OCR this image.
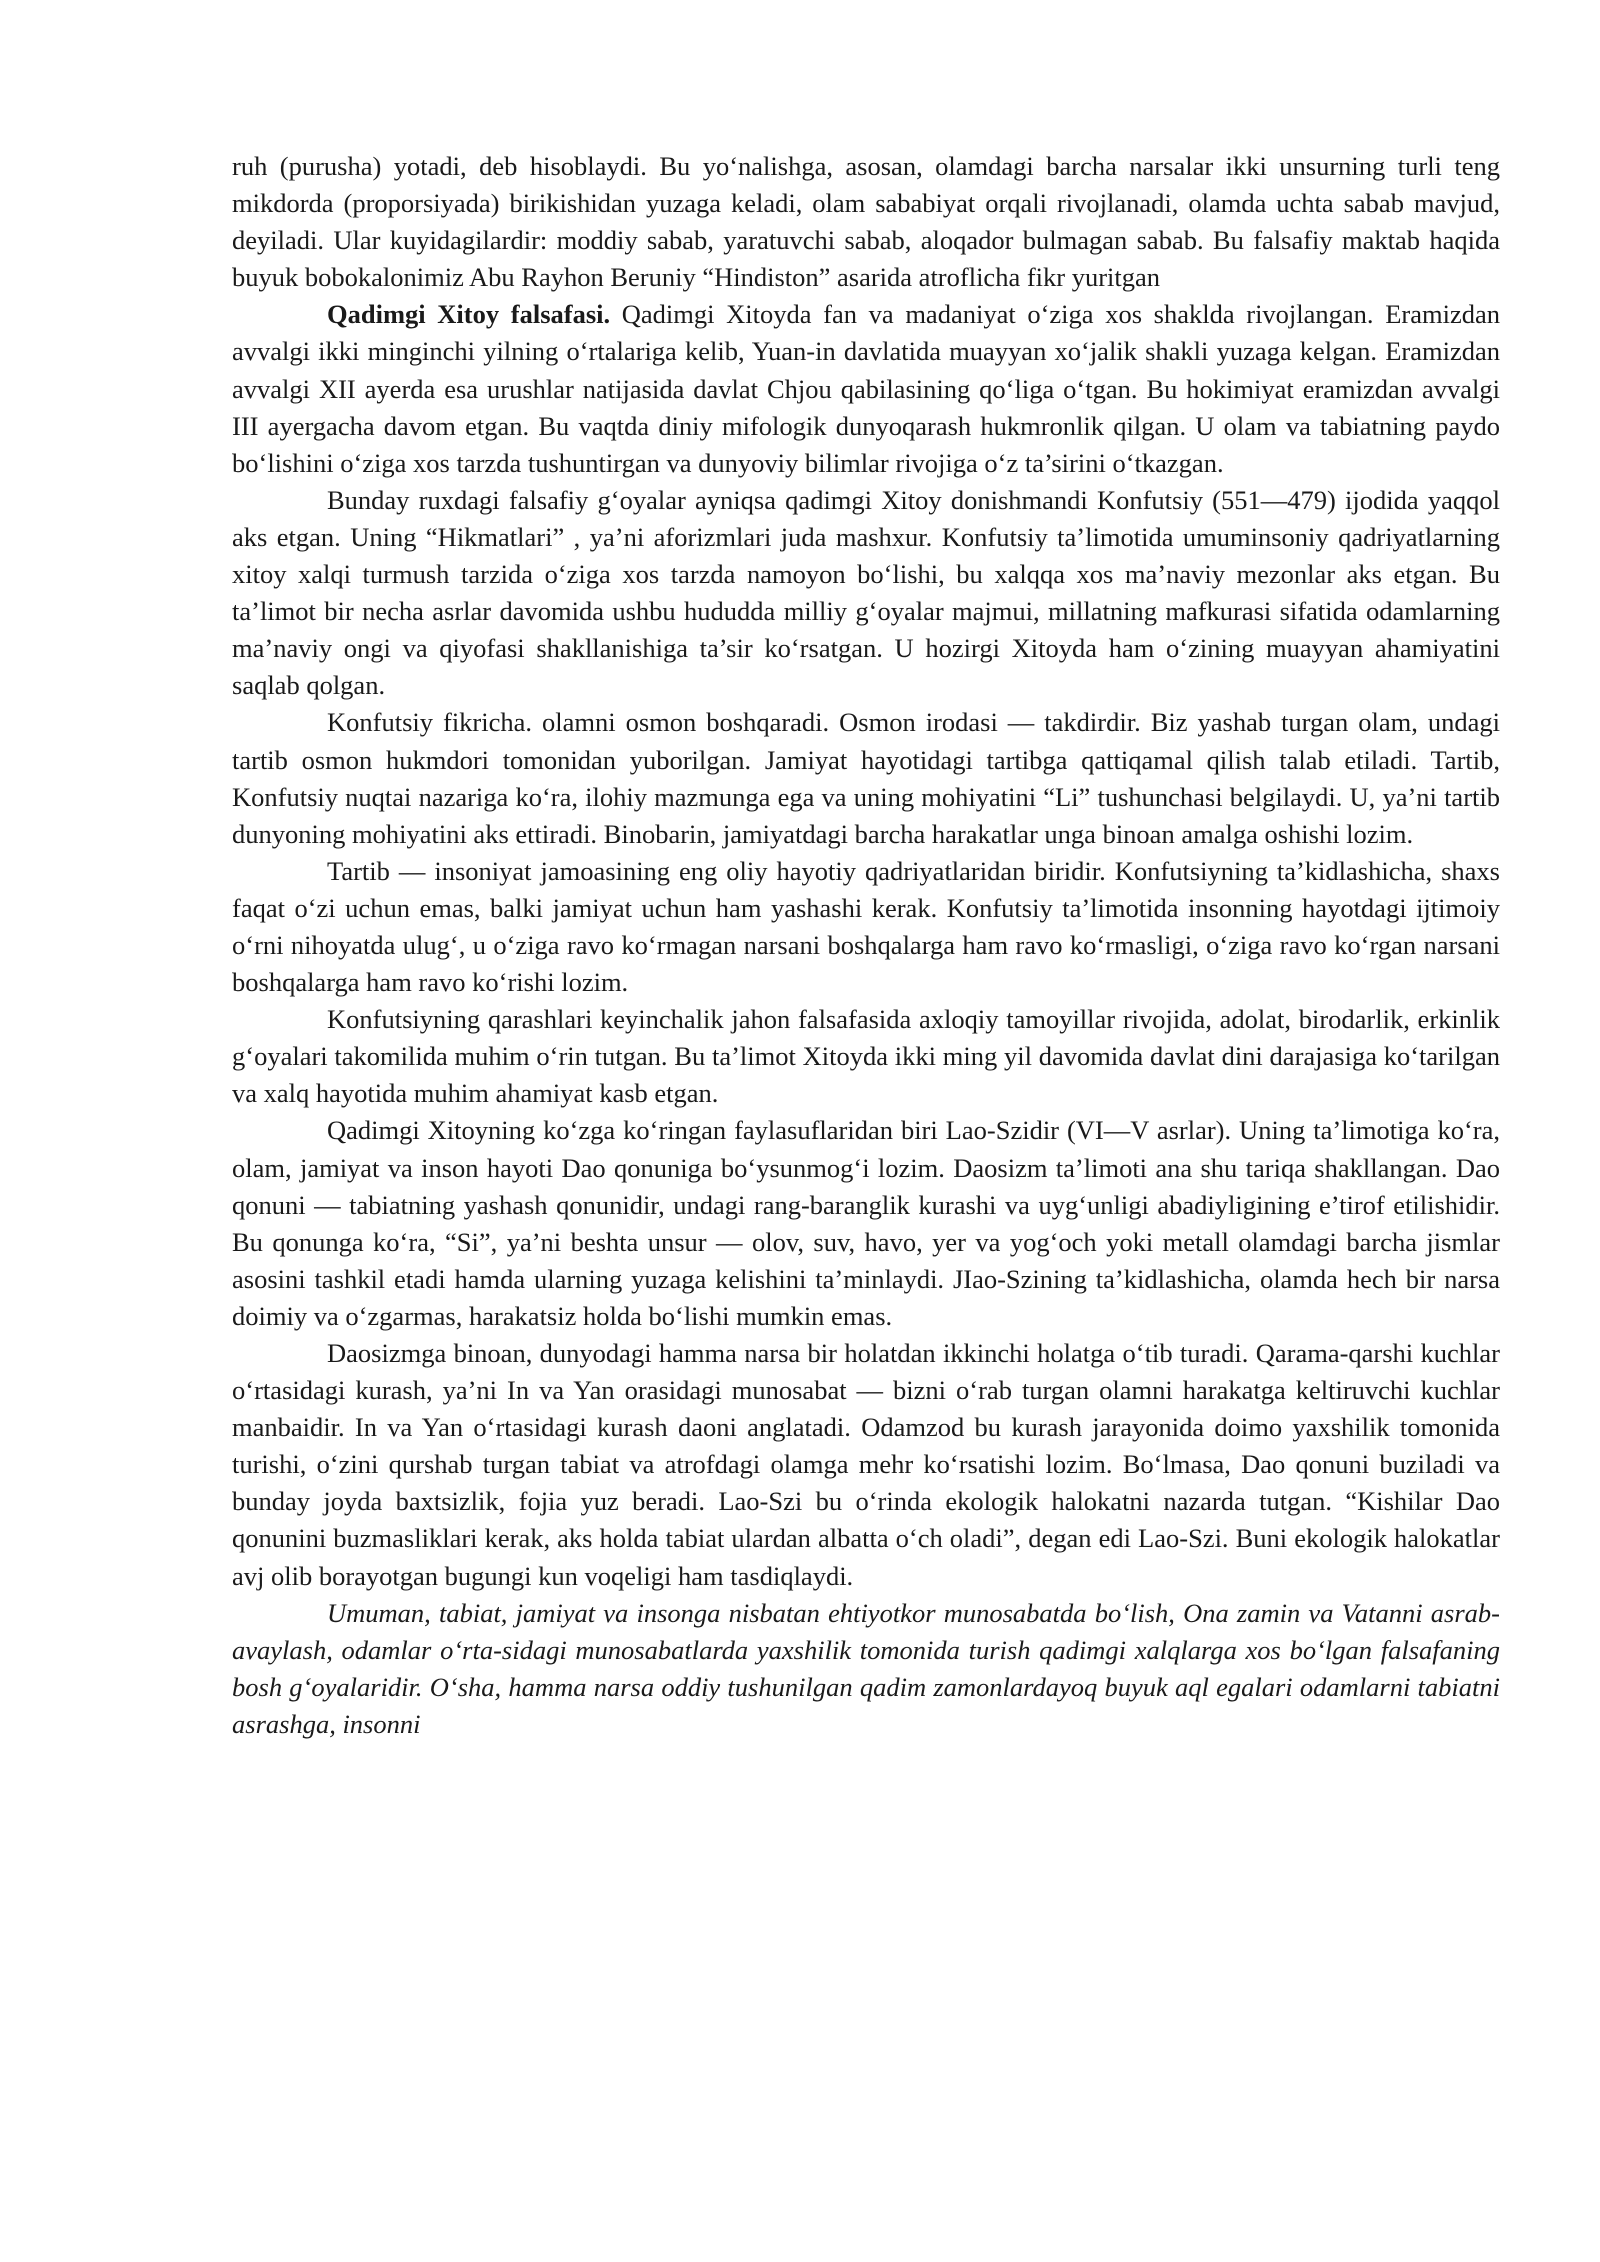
ruh (purusha) yotadi, deb hisoblaydi. Bu yo‘nalishga, asosan, olamdagi barcha narsalar ikki unsurning turli teng mikdorda (proporsiyada) birikishidan yuzaga keladi, olam sababiyat orqali rivojlanadi, olamda uchta sabab mavjud, deyiladi. Ular kuyidagilardir: moddiy sabab, yaratuvchi sabab, aloqador bulmagan sabab. Bu falsafiy maktab haqida buyuk bobokalonimiz Abu Rayhon Beruniy “Hindiston” asarida atroflicha fikr yuritgan

Qadimgi Xitoy falsafasi. Qadimgi Xitoyda fan va madaniyat o‘ziga xos shaklda rivojlangan. Eramizdan avvalgi ikki minginchi yilning o‘rtalariga kelib, Yuan-in davlatida muayyan xo‘jalik shakli yuzaga kelgan. Eramizdan avvalgi XII ayerda esa urushlar natijasida davlat Chjou qabilasining qo‘liga o‘tgan. Bu hokimiyat eramizdan avvalgi III ayergacha davom etgan. Bu vaqtda diniy mifologik dunyoqarash hukmronlik qilgan. U olam va tabiatning paydo bo‘lishini o‘ziga xos tarzda tushuntirgan va dunyoviy bilimlar rivojiga o‘z ta’sirini o‘tkazgan.

Bunday ruxdagi falsafiy g‘oyalar ayniqsa qadimgi Xitoy donishmandi Konfutsiy (551—479) ijodida yaqqol aks etgan. Uning “Hikmatlari” , ya’ni aforizmlari juda mashxur. Konfutsiy ta’limotida umuminsoniy qadriyatlarning xitoy xalqi turmush tarzida o‘ziga xos tarzda namoyon bo‘lishi, bu xalqqa xos ma’naviy mezonlar aks etgan. Bu ta’limot bir necha asrlar davomida ushbu hududda milliy g‘oyalar majmui, millatning mafkurasi sifatida odamlarning ma’naviy ongi va qiyofasi shakllanishiga ta’sir ko‘rsatgan. U hozirgi Xitoyda ham o‘zining muayyan ahamiyatini saqlab qolgan.

Konfutsiy fikricha. olamni osmon boshqaradi. Osmon irodasi — takdirdir. Biz yashab turgan olam, undagi tartib osmon hukmdori tomonidan yuborilgan. Jamiyat hayotidagi tartibga qattiqamal qilish talab etiladi. Tartib, Konfutsiy nuqtai nazariga ko‘ra, ilohiy mazmunga ega va uning mohiyatini “Li” tushunchasi belgilaydi. U, ya’ni tartib dunyoning mohiyatini aks ettiradi. Binobarin, jamiyatdagi barcha harakatlar unga binoan amalga oshishi lozim.

Tartib — insoniyat jamoasining eng oliy hayotiy qadriyatlaridan biridir. Konfutsiyning ta’kidlashicha, shaxs faqat o‘zi uchun emas, balki jamiyat uchun ham yashashi kerak. Konfutsiy ta’limotida insonning hayotdagi ijtimoiy o‘rni nihoyatda ulug‘, u o‘ziga ravo ko‘rmagan narsani boshqalarga ham ravo ko‘rmasligi, o‘ziga ravo ko‘rgan narsani boshqalarga ham ravo ko‘rishi lozim.

Konfutsiyning qarashlari keyinchalik jahon falsafasida axloqiy tamoyillar rivojida, adolat, birodarlik, erkinlik g‘oyalari takomilida muhim o‘rin tutgan. Bu ta’limot Xitoyda ikki ming yil davomida davlat dini darajasiga ko‘tarilgan va xalq hayotida muhim ahamiyat kasb etgan.

Qadimgi Xitoyning ko‘zga ko‘ringan faylasuflaridan biri Lao-Szidir (VI—V asrlar). Uning ta’limotiga ko‘ra, olam, jamiyat va inson hayoti Dao qonuniga bo‘ysunmog‘i lozim. Daosizm ta’limoti ana shu tariqa shakllangan. Dao qonuni — tabiatning yashash qonunidir, undagi rang-baranglik kurashi va uyg‘unligi abadiyligining e’tirof etilishidir. Bu qonunga ko‘ra, “Si”, ya’ni beshta unsur — olov, suv, havo, yer va yog‘och yoki metall olamdagi barcha jismlar asosini tashkil etadi hamda ularning yuzaga kelishini ta’minlaydi. JIao-Szining ta’kidlashicha, olamda hech bir narsa doimiy va o‘zgarmas, harakatsiz holda bo‘lishi mumkin emas.

Daosizmga binoan, dunyodagi hamma narsa bir holatdan ikkinchi holatga o‘tib turadi. Qarama-qarshi kuchlar o‘rtasidagi kurash, ya’ni In va Yan orasidagi munosabat — bizni o‘rab turgan olamni harakatga keltiruvchi kuchlar manbaidir. In va Yan o‘rtasidagi kurash daoni anglatadi. Odamzod bu kurash jarayonida doimo yaxshilik tomonida turishi, o‘zini qurshab turgan tabiat va atrofdagi olamga mehr ko‘rsatishi lozim. Bo‘lmasa, Dao qonuni buziladi va bunday joyda baxtsizlik, fojia yuz beradi. Lao-Szi bu o‘rinda ekologik halokatni nazarda tutgan. “Kishilar Dao qonunini buzmasliklari kerak, aks holda tabiat ulardan albatta o‘ch oladi”, degan edi Lao-Szi. Buni ekologik halokatlar avj olib borayotgan bugungi kun voqeligi ham tasdiqlaydi.

Umuman, tabiat, jamiyat va insonga nisbatan ehtiyotkor munosabatda bo‘lish, Ona zamin va Vatanni asrab-avaylash, odamlar o‘rta-sidagi munosabatlarda yaxshilik tomonida turish qadimgi xalqlarga xos bo‘lgan falsafaning bosh g‘oyalaridir. O‘sha, hamma narsa oddiy tushunilgan qadim zamonlardayoq buyuk aql egalari odamlarni tabiatni asrashga, insonni
